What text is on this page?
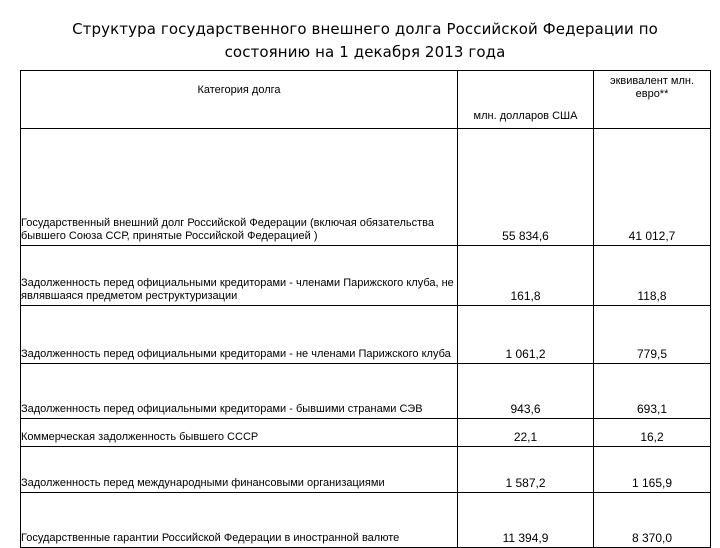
Структура государственного внешнего долга Российской Федерации по состоянию на 1 декабря 2013 года
Категория долга	млн. долларов США	эквивалент млн. евро**
Государственный внешний долг Российской Федерации (включая обязательства бывшего Союза ССР, принятые Российской Федерацией )	55 834,6	41 012,7
Задолженность перед официальными кредиторами - членами Парижского клуба, не являвшаяся предметом реструктуризации	161,8	118,8
Задолженность перед официальными кредиторами - не членами Парижского клуба	1 061,2	779,5
Задолженность перед официальными кредиторами - бывшими странами СЭВ	943,6	693,1
Коммерческая задолженность бывшего СССР	22,1	16,2
Задолженность перед международными финансовыми организациями	1 587,2	1 165,9
Государственные гарантии Российской Федерации в иностранной валюте	11 394,9	8 370,0
